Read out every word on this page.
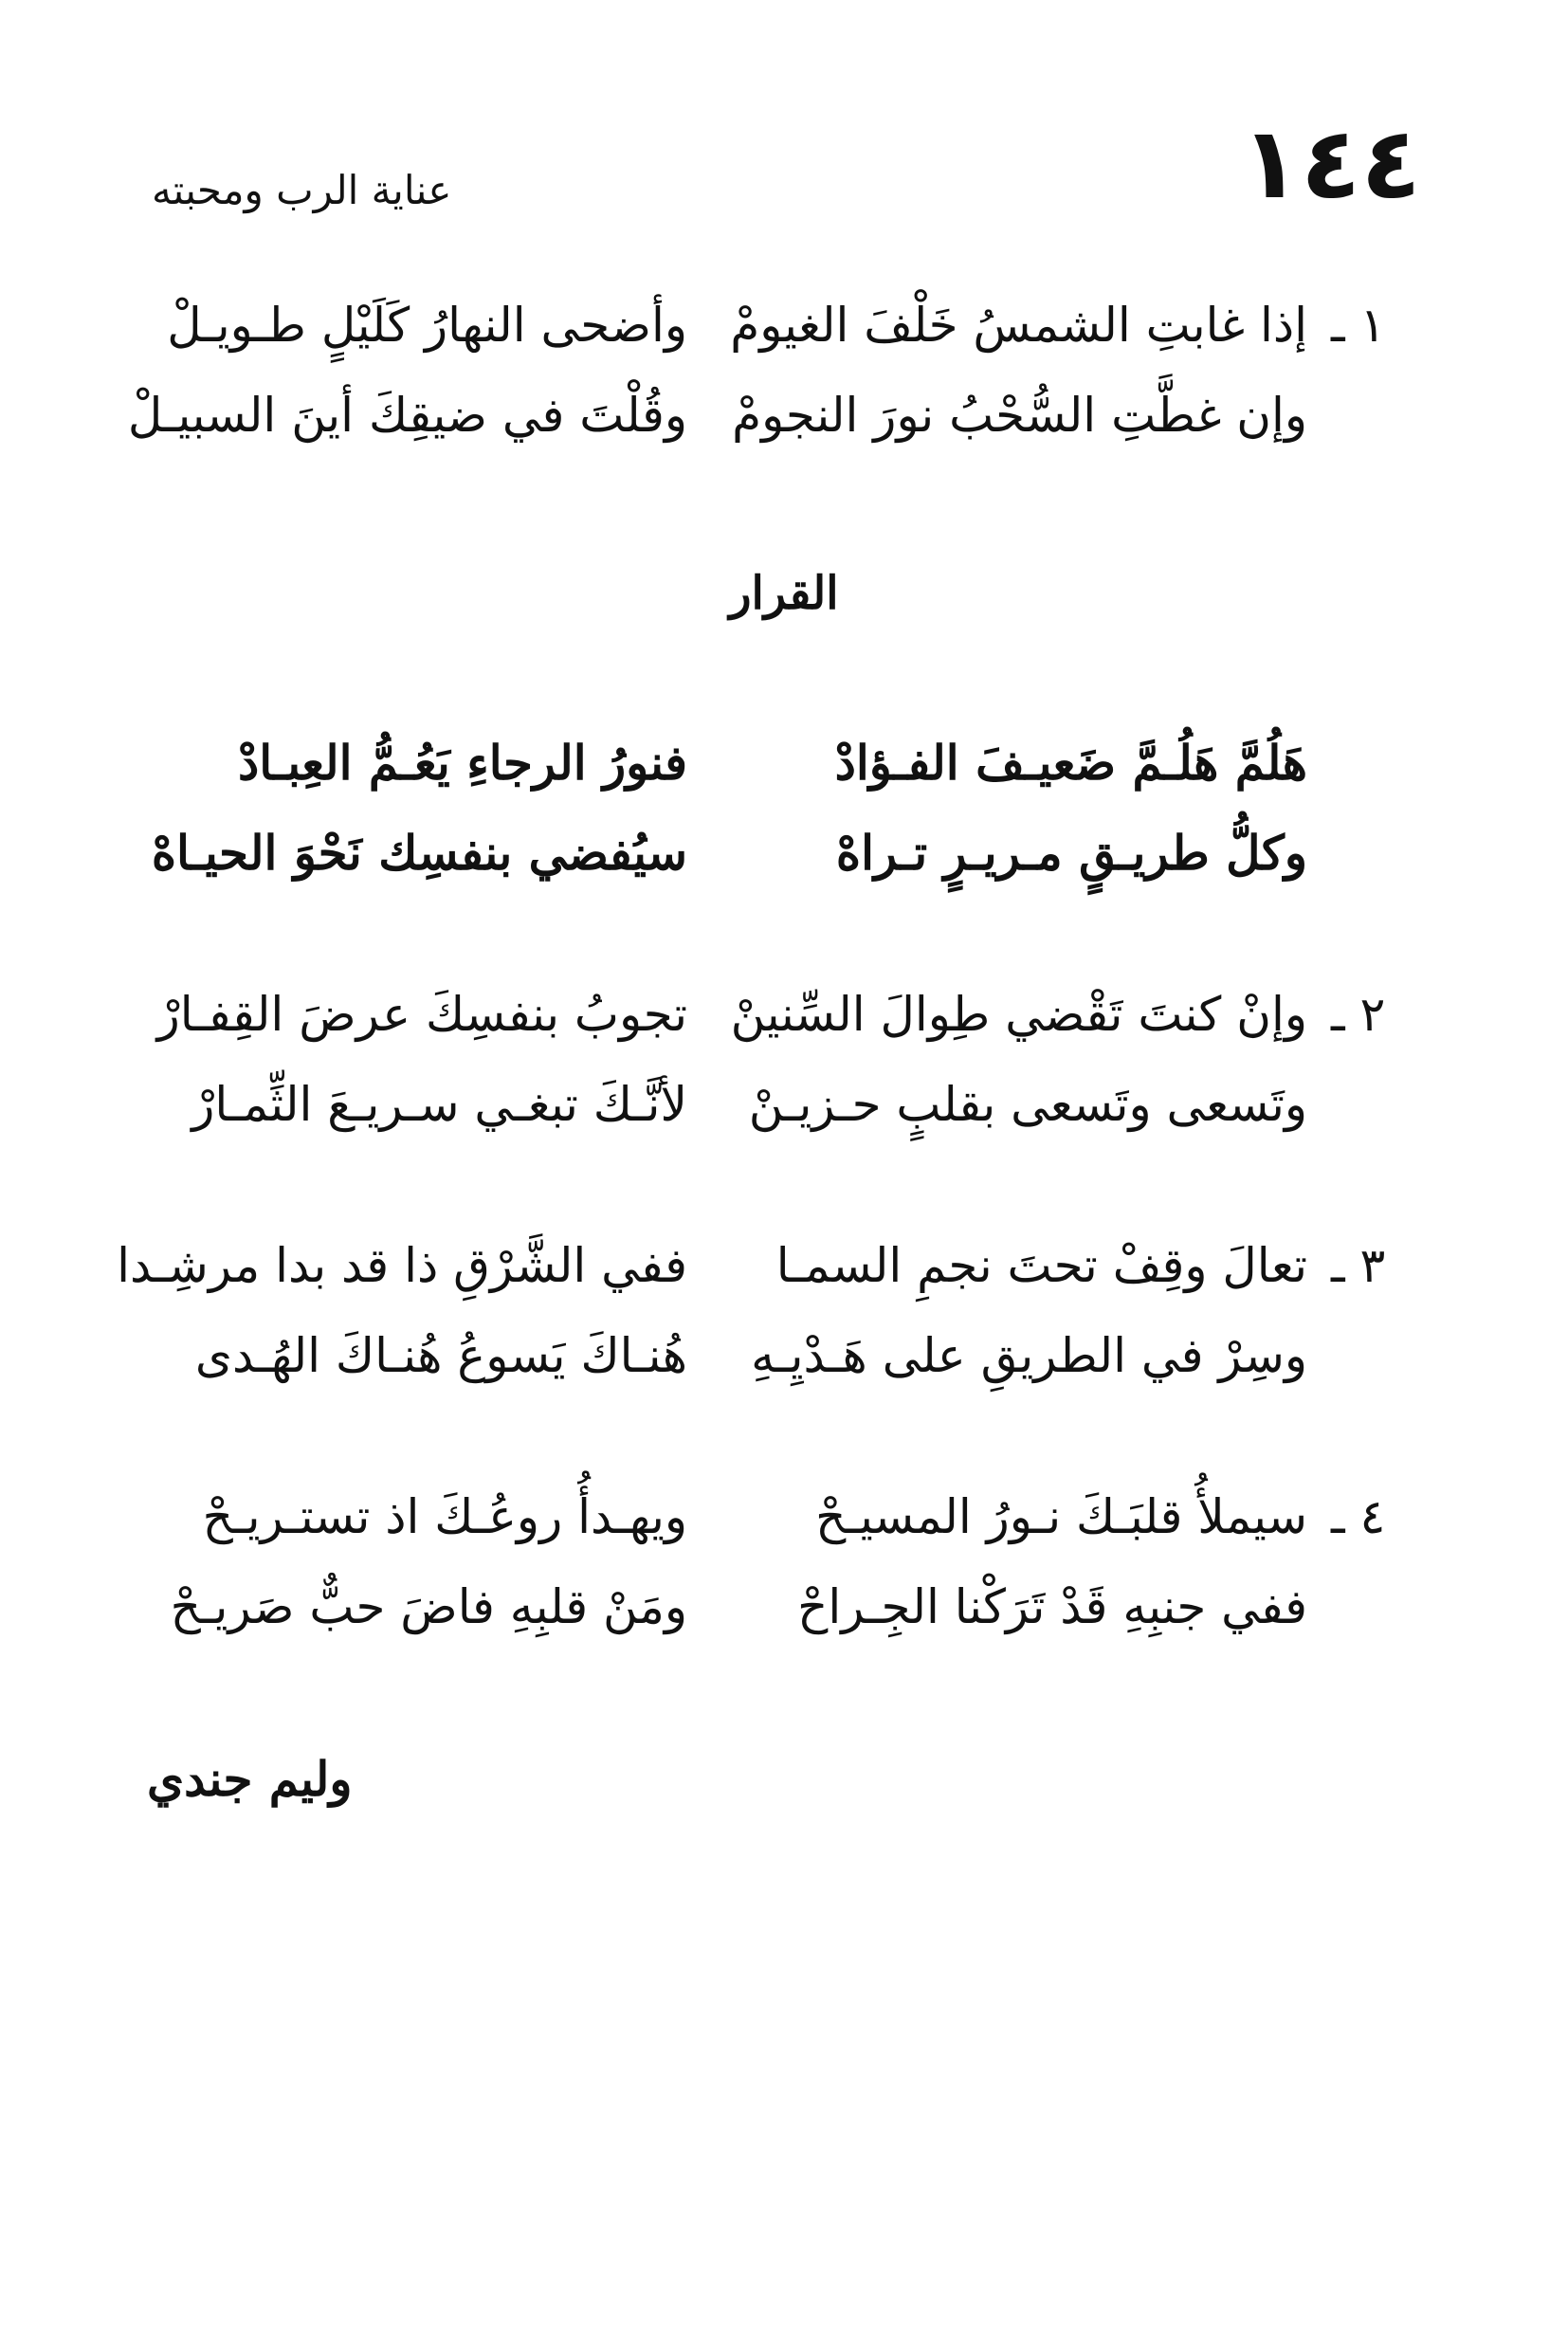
١٤٤
عناية الرب ومحبته
١ ـ
إذا غابتِ الشمسُ خَلْفَ الغيومْ
وأضحى النهارُ كَلَيْلٍ طـويـلْ
وإن غطَّتِ السُّحْبُ نورَ النجومْ
وقُلْتَ في ضيقِكَ أينَ السبيـلْ
القرار
هَلُمَّ هَلُـمَّ ضَعيـفَ الفـؤادْ
فنورُ الرجاءِ يَعُـمُّ العِبـادْ
وكلُّ طريـقٍ مـريـرٍ تـراهْ
سيُفضي بنفسِك نَحْوَ الحيـاهْ
٢ ـ
وإنْ كنتَ تَقْضي طِوالَ السِّنينْ
تجوبُ بنفسِكَ عرضَ القِفـارْ
وتَسعى وتَسعى بقلبٍ حـزيـنْ
لأنَّـكَ تبغـي سـريـعَ الثِّمـارْ
٣ ـ
تعالَ وقِفْ تحتَ نجمِ السمـا
ففي الشَّرْقِ ذا قد بدا مرشِـدا
وسِرْ في الطريقِ على هَـدْيِـهِ
هُنـاكَ يَسوعُ هُنـاكَ الهُـدى
٤ ـ
سيملأُ قلبَـكَ نـورُ المسيـحْ
ويهـدأُ روعُـكَ اذ تستـريـحْ
ففي جنبِهِ قَدْ تَرَكْنا الجِـراحْ
ومَنْ قلبِهِ فاضَ حبٌّ صَريـحْ
وليم جندي
